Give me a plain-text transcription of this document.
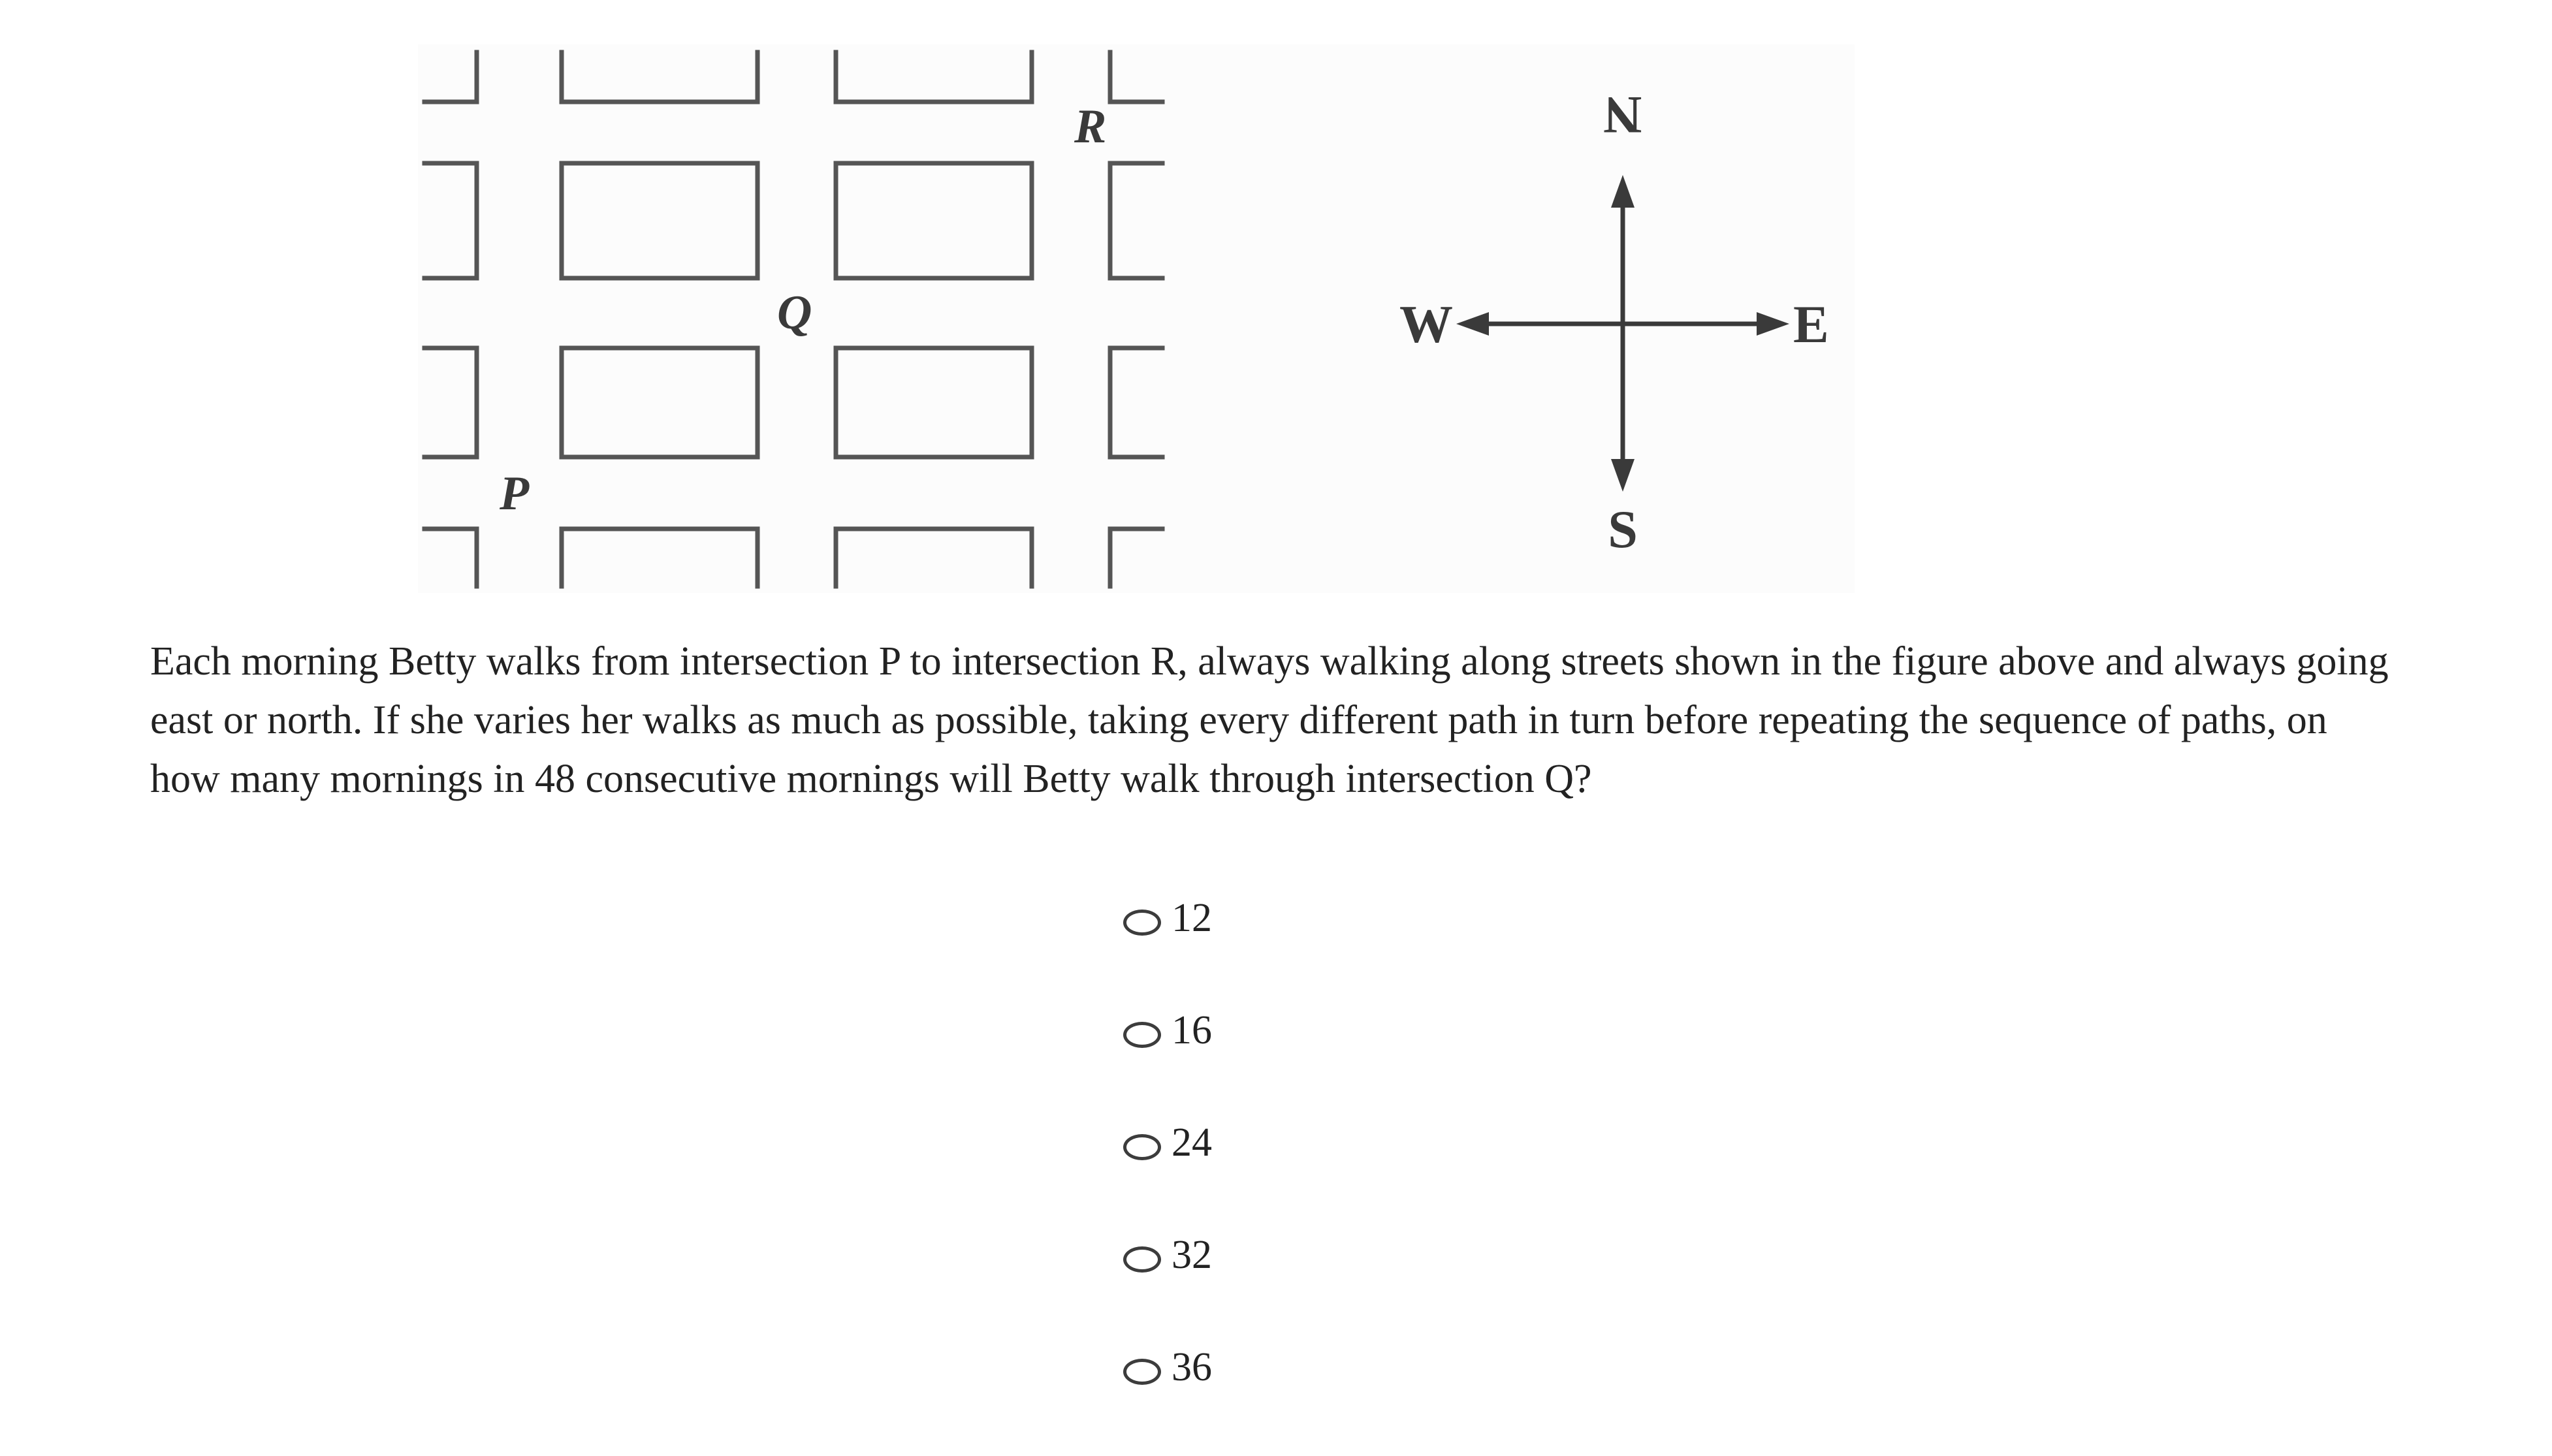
R
Q
P
N
S
W	E

Each morning Betty walks from intersection P to intersection R, always walking along streets shown in the figure above and always going east or north. If she varies her walks as much as possible, taking every different path in turn before repeating the sequence of paths, on how many mornings in 48 consecutive mornings will Betty walk through intersection Q?

12
16
24
32
36
